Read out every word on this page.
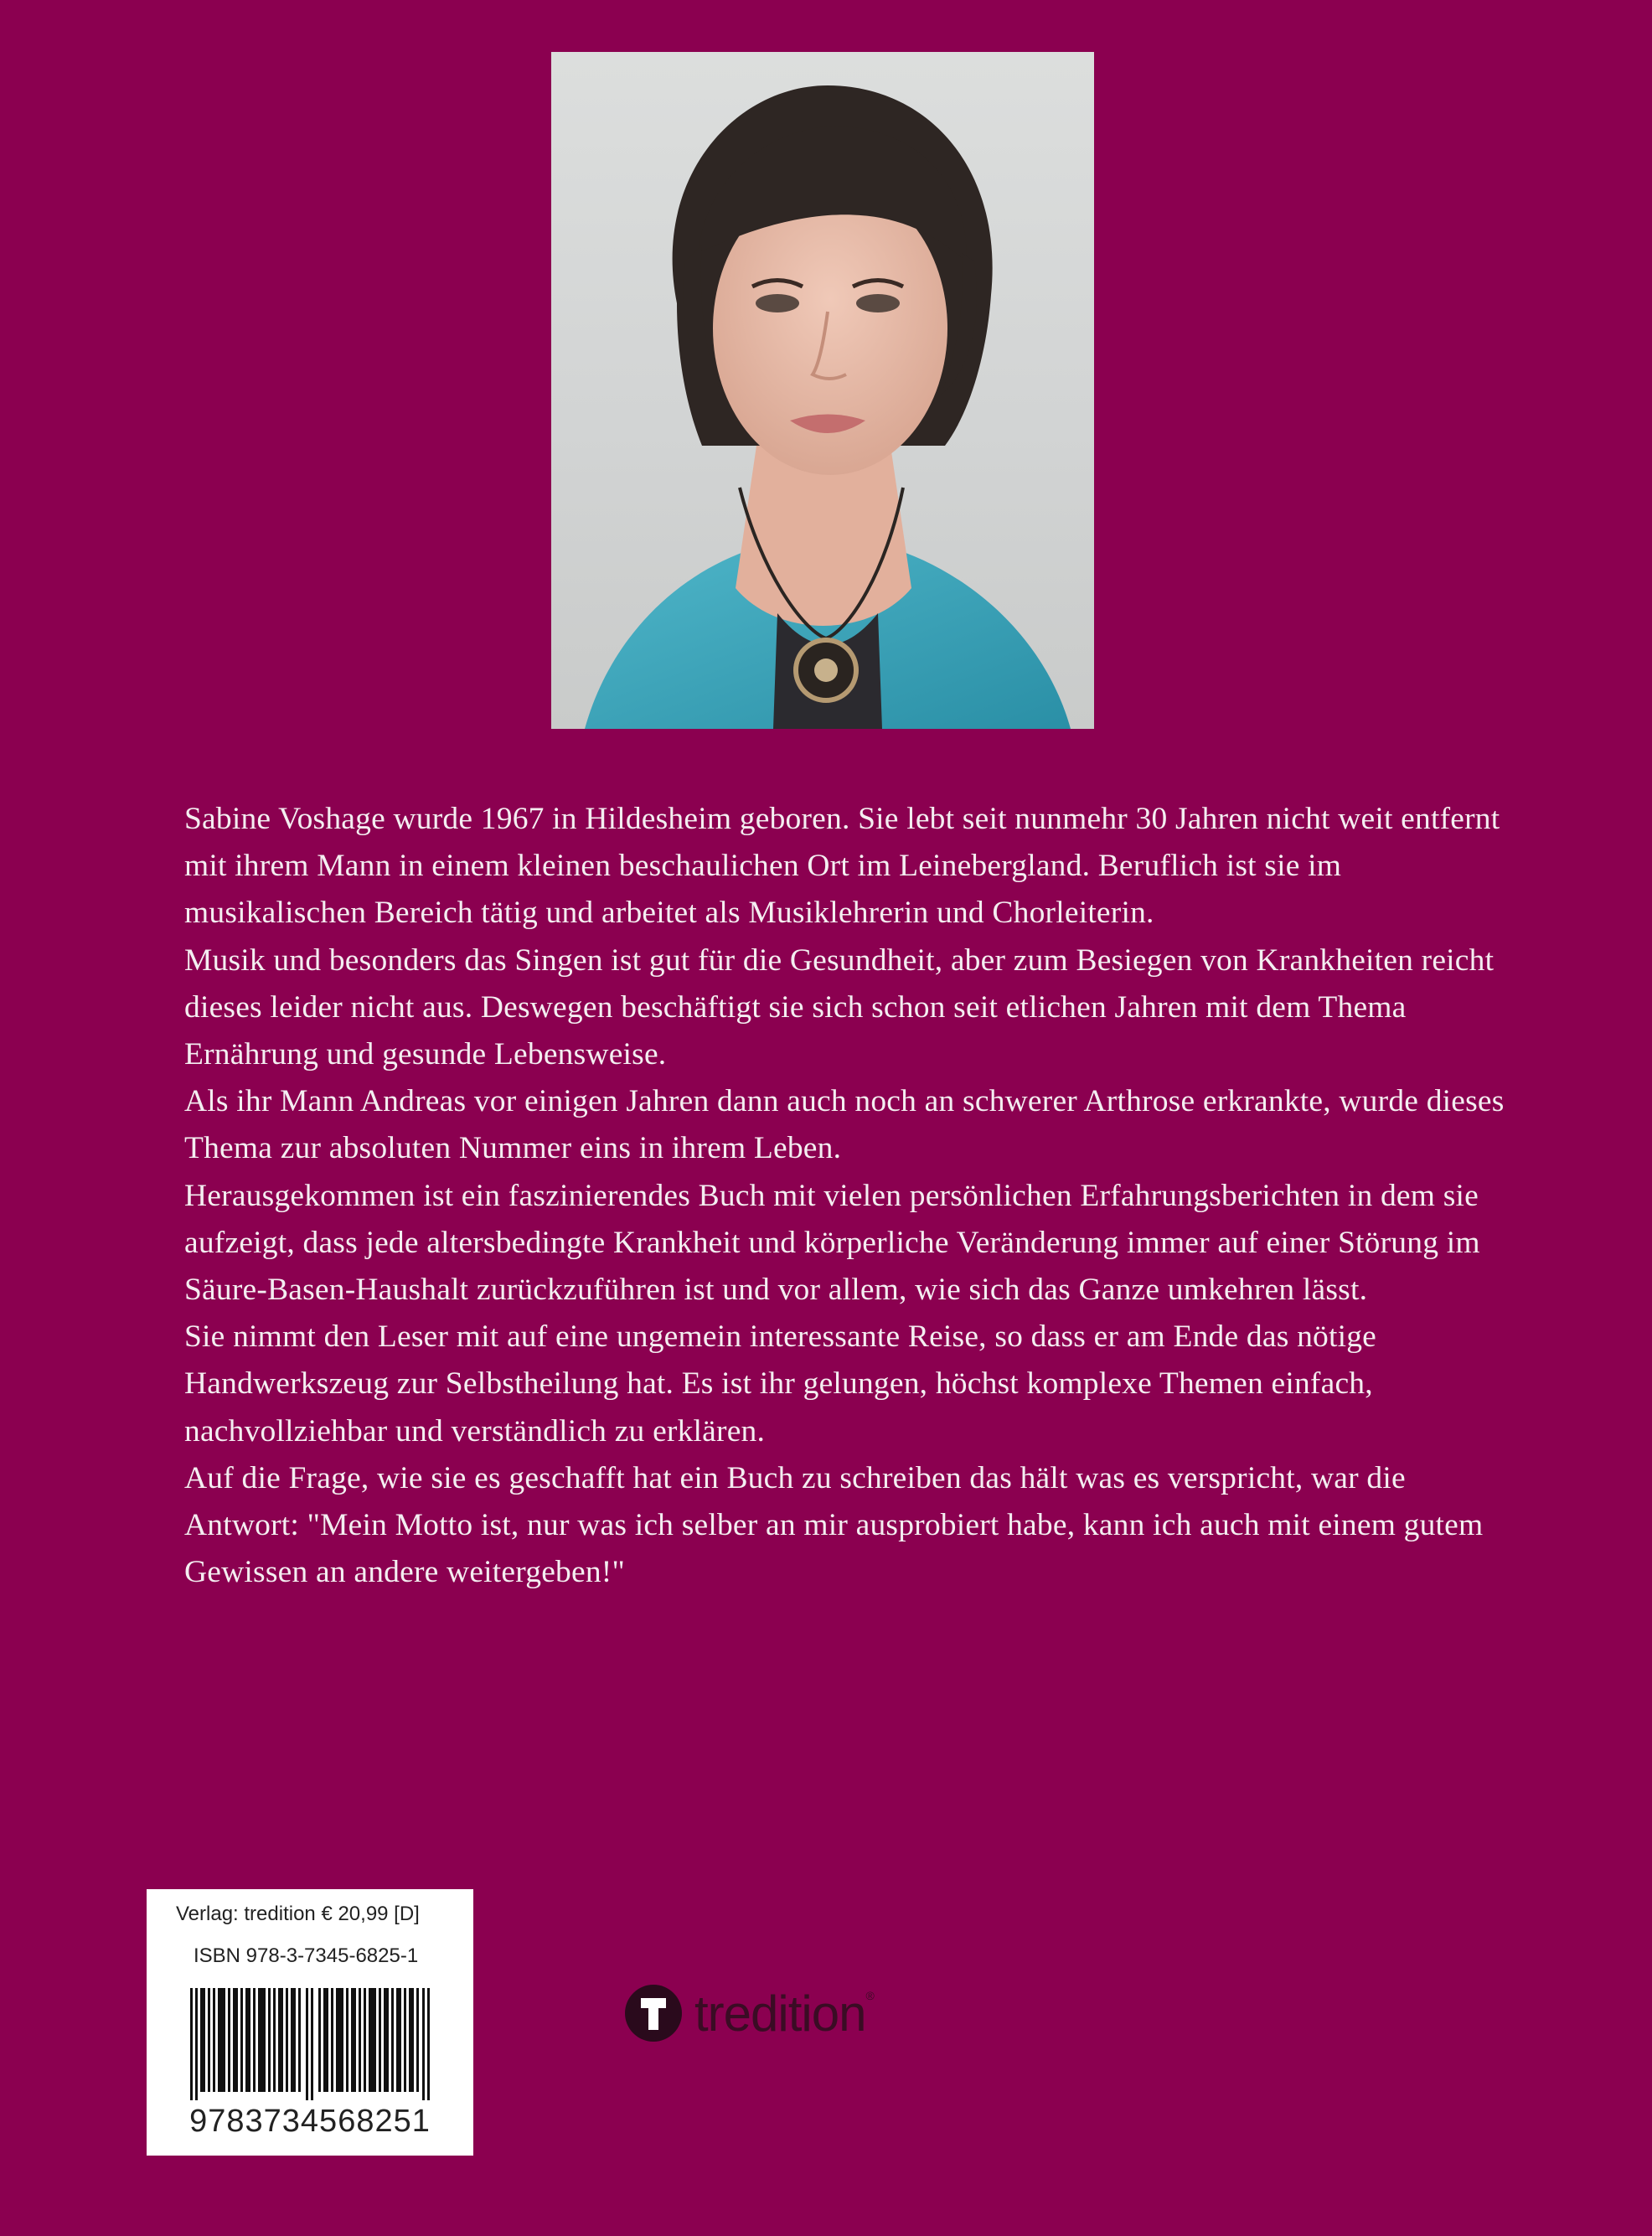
Sabine Voshage wurde 1967 in Hildesheim geboren. Sie lebt seit nunmehr 30 Jahren nicht weit entfernt mit ihrem Mann in einem kleinen beschaulichen Ort im Leinebergland. Beruflich ist sie im musikalischen Bereich tätig und arbeitet als Musiklehrerin und Chorleiterin.

Musik und besonders das Singen ist gut für die Gesundheit, aber zum Besiegen von Krankheiten reicht dieses leider nicht aus. Deswegen beschäftigt sie sich schon seit etlichen Jahren mit dem Thema Ernährung und gesunde Lebensweise.

Als ihr Mann Andreas vor einigen Jahren dann auch noch an schwerer Arthrose erkrankte, wurde dieses Thema zur absoluten Nummer eins in ihrem Leben.

Herausgekommen ist ein faszinierendes Buch mit vielen persönlichen Erfahrungsberichten in dem sie aufzeigt, dass jede altersbedingte Krankheit und körperliche Veränderung immer auf einer Störung im Säure-Basen-Haushalt zurückzuführen ist und vor allem, wie sich das Ganze umkehren lässt.

Sie nimmt den Leser mit auf eine ungemein interessante Reise, so dass er am Ende das nötige Handwerkszeug zur Selbstheilung hat. Es ist ihr gelungen, höchst komplexe Themen einfach, nachvollziehbar und verständlich zu erklären.

Auf die Frage, wie sie es geschafft hat ein Buch zu schreiben das hält was es verspricht, war die Antwort: "Mein Motto ist, nur was ich selber an mir ausprobiert habe, kann ich auch mit einem gutem Gewissen an andere weitergeben!"

Verlag: tredition € 20,99 [D]
ISBN 978-3-7345-6825-1
9783734568251
tredition ®
